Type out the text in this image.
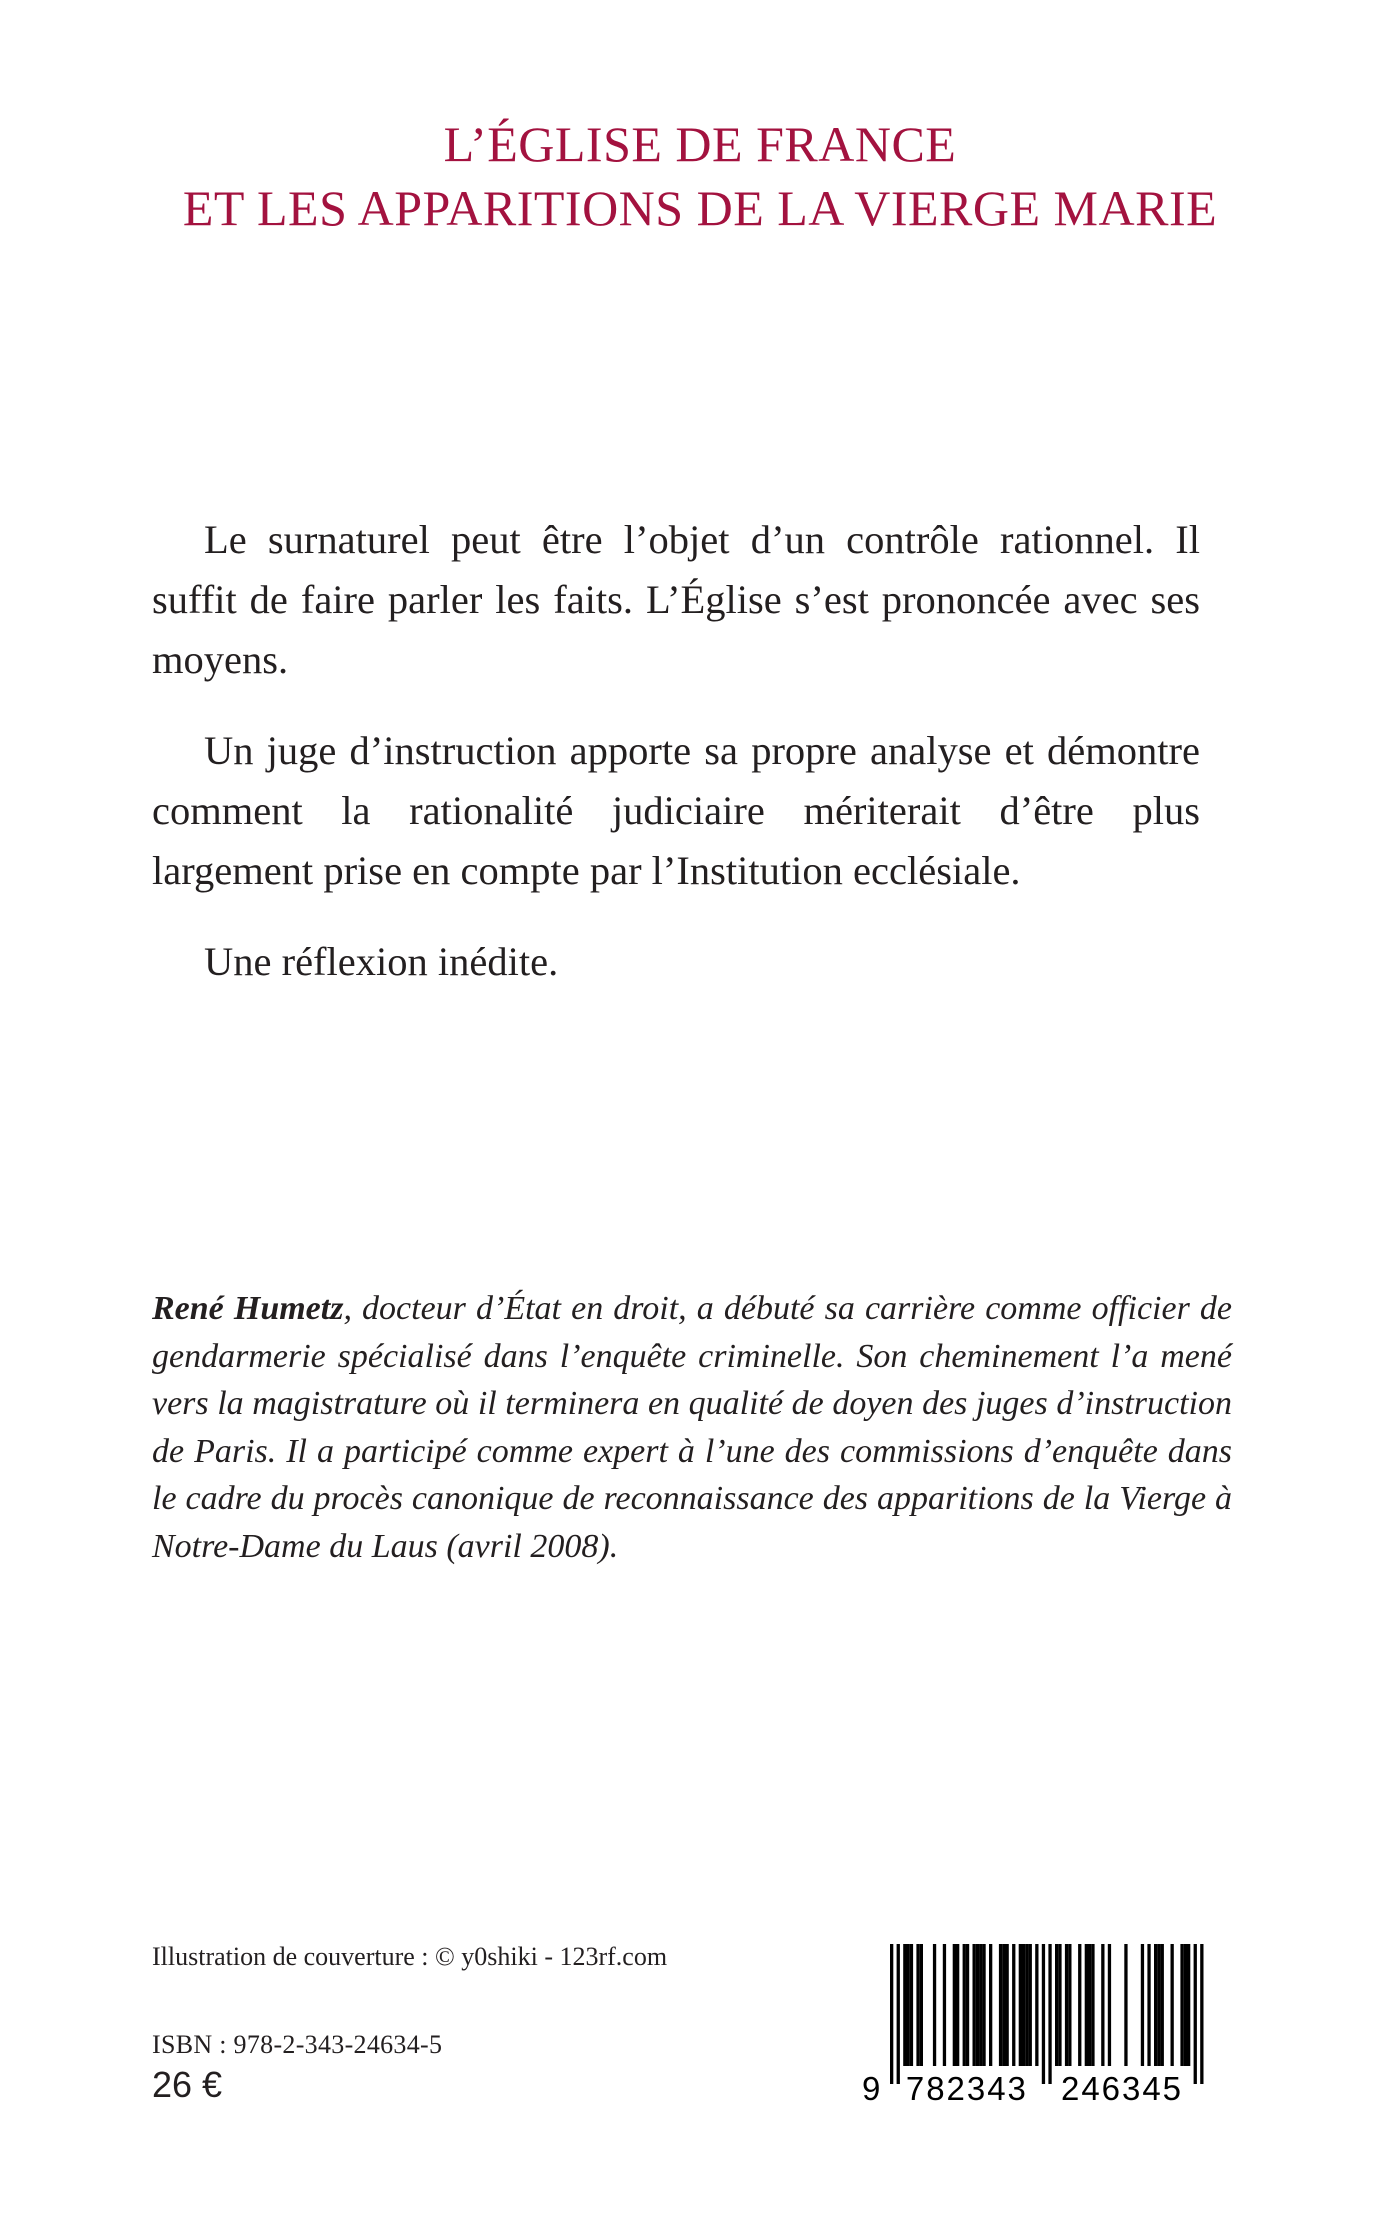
L’ÉGLISE DE FRANCE
ET LES APPARITIONS DE LA VIERGE MARIE

Le surnaturel peut être l’objet d’un contrôle rationnel. Il suffit de faire parler les faits. L’Église s’est prononcée avec ses moyens.

Un juge d’instruction apporte sa propre analyse et démontre comment la rationalité judiciaire mériterait d’être plus largement prise en compte par l’Institution ecclésiale.

Une réflexion inédite.

René Humetz, docteur d’État en droit, a débuté sa carrière comme officier de gendarmerie spécialisé dans l’enquête criminelle. Son cheminement l’a mené vers la magistrature où il terminera en qualité de doyen des juges d’instruction de Paris. Il a participé comme expert à l’une des commissions d’enquête dans le cadre du procès canonique de reconnaissance des apparitions de la Vierge à Notre-Dame du Laus (avril 2008).

Illustration de couverture : © y0shiki - 123rf.com
ISBN : 978-2-343-24634-5
26 €	9 782343 246345
